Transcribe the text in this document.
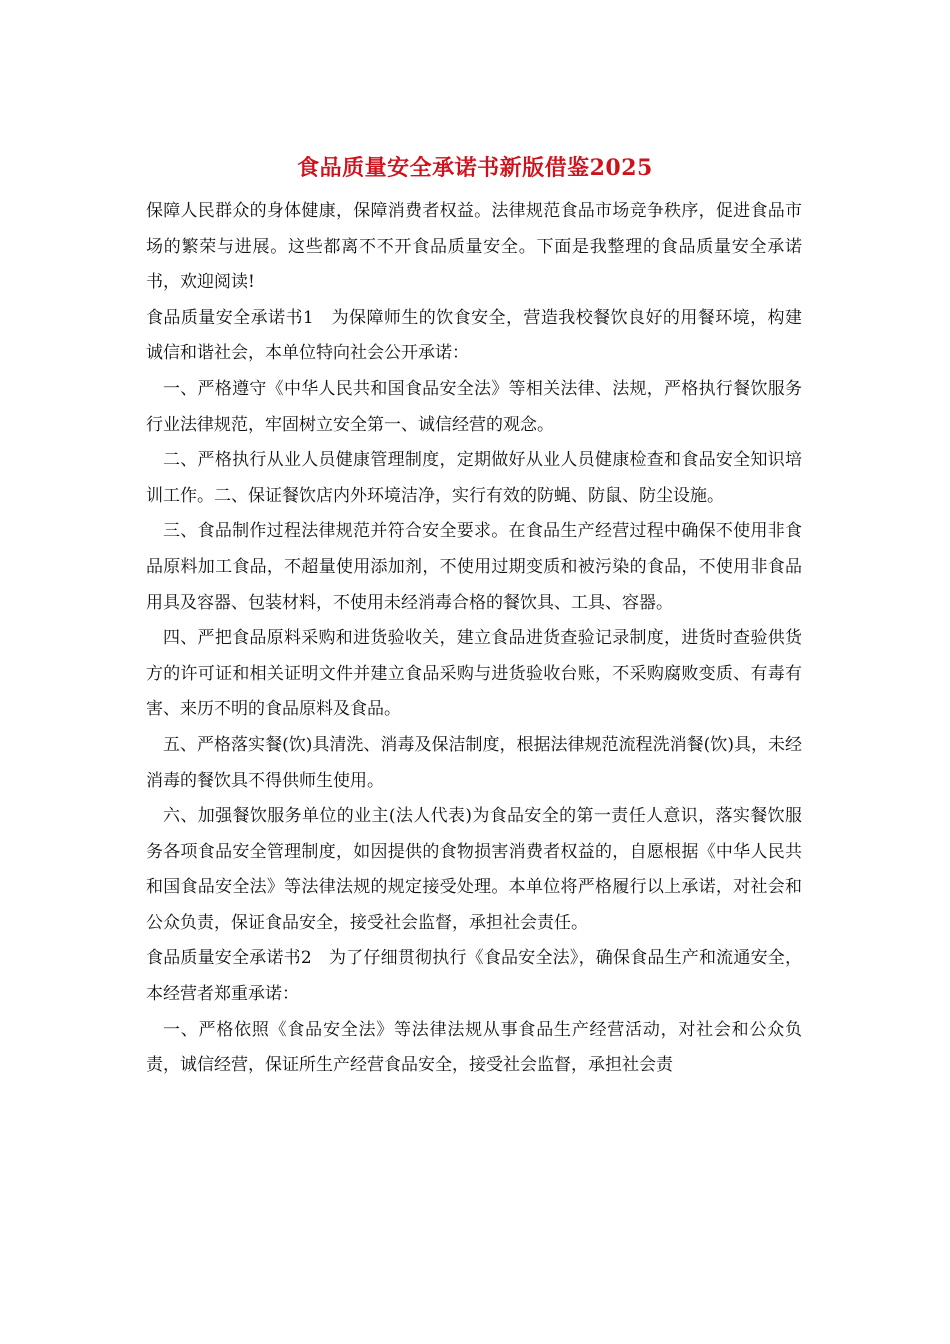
食品质量安全承诺书新版借鉴2025

保障人民群众的身体健康，保障消费者权益。法律规范食品市场竞争秩序，促进食品市场的繁荣与进展。这些都离不不开食品质量安全。下面是我整理的食品质量安全承诺书，欢迎阅读!

食品质量安全承诺书1　为保障师生的饮食安全，营造我校餐饮良好的用餐环境，构建诚信和谐社会，本单位特向社会公开承诺：

一、严格遵守《中华人民共和国食品安全法》等相关法律、法规，严格执行餐饮服务行业法律规范，牢固树立安全第一、诚信经营的观念。

二、严格执行从业人员健康管理制度，定期做好从业人员健康检查和食品安全知识培训工作。二、保证餐饮店内外环境洁净，实行有效的防蝇、防鼠、防尘设施。

三、食品制作过程法律规范并符合安全要求。在食品生产经营过程中确保不使用非食品原料加工食品，不超量使用添加剂，不使用过期变质和被污染的食品，不使用非食品用具及容器、包装材料，不使用未经消毒合格的餐饮具、工具、容器。

四、严把食品原料采购和进货验收关，建立食品进货查验记录制度，进货时查验供货方的许可证和相关证明文件并建立食品采购与进货验收台账，不采购腐败变质、有毒有害、来历不明的食品原料及食品。

五、严格落实餐(饮)具清洗、消毒及保洁制度，根据法律规范流程洗消餐(饮)具，未经消毒的餐饮具不得供师生使用。

六、加强餐饮服务单位的业主(法人代表)为食品安全的第一责任人意识，落实餐饮服务各项食品安全管理制度，如因提供的食物损害消费者权益的，自愿根据《中华人民共和国食品安全法》等法律法规的规定接受处理。本单位将严格履行以上承诺，对社会和公众负责，保证食品安全，接受社会监督，承担社会责任。

食品质量安全承诺书2　为了仔细贯彻执行《食品安全法》，确保食品生产和流通安全，本经营者郑重承诺：

一、严格依照《食品安全法》等法律法规从事食品生产经营活动，对社会和公众负责，诚信经营，保证所生产经营食品安全，接受社会监督，承担社会责
